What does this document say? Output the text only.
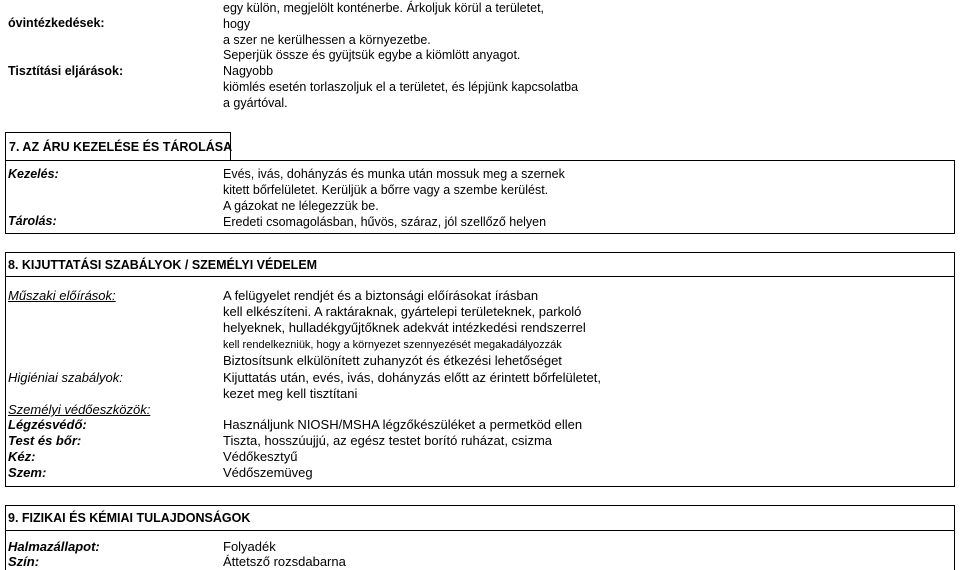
óvintézkedések:
Tisztítási eljárások:
egy külön, megjelölt konténerbe. Árkoljuk körül a területet,
hogy
a szer ne kerülhessen a környezetbe.
Seperjük össze és gyüjtsük egybe a kiömlött anyagot.
Nagyobb
kiömlés esetén torlaszoljuk el a területet, és lépjünk kapcsolatba
a gyártóval.
7. AZ ÁRU KEZELÉSE ÉS TÁROLÁSA
Kezelés:
Tárolás:
Evés, ivás, dohányzás és munka után mossuk meg a szernek
kitett bőrfelületet. Kerüljük a bőrre vagy a szembe kerülést.
A gázokat ne lélegezzük be.
Eredeti csomagolásban, hűvös, száraz, jól szellőző helyen
8. KIJUTTATÁSI SZABÁLYOK / SZEMÉLYI VÉDELEM
Műszaki előírások:
Higiéniai szabályok:
Személyi védőeszközök:
Légzésvédő:
Test és bőr:
Kéz:
Szem:
A felügyelet rendjét és a biztonsági előírásokat írásban
kell elkészíteni. A raktáraknak, gyártelepi területeknek, parkoló
helyeknek, hulladékgyűjtőknek adekvát intézkedési rendszerrel
kell rendelkezniük, hogy a környezet szennyezését megakadályozzák
Biztosítsunk elkülönített zuhanyzót és étkezési lehetőséget
Kijuttatás után, evés, ivás, dohányzás előtt az érintett bőrfelületet,
kezet meg kell tisztítani
Használjunk NIOSH/MSHA légzőkészüléket a permetköd ellen
Tiszta, hosszúujjú, az egész testet borító ruházat, csizma
Védőkesztyű
Védőszemüveg
9. FIZIKAI ÉS KÉMIAI TULAJDONSÁGOK
Halmazállapot:
Szín:
Folyadék
Áttetsző rozsdabarna
